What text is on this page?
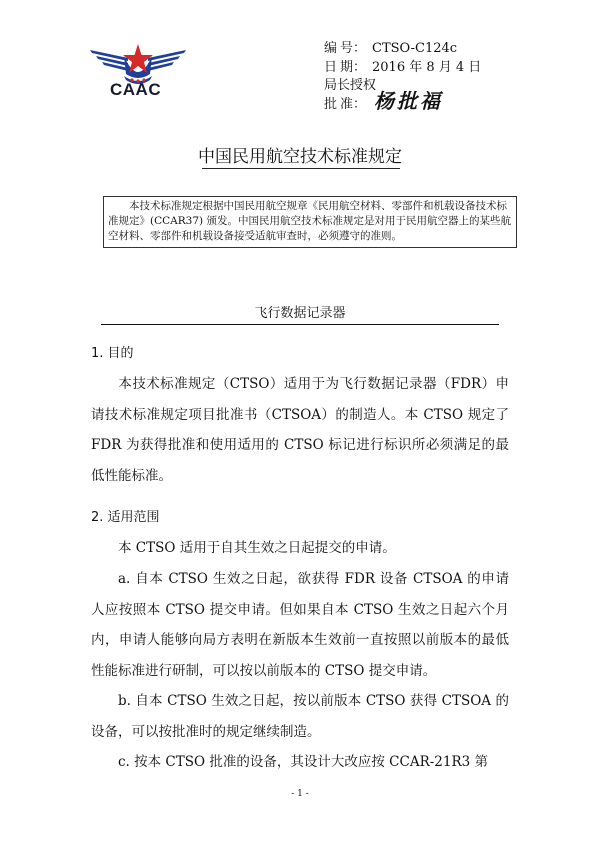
CAAC
编 号： CTSO-C124c
日 期： 2016 年 8 月 4 日
局长授权
批 准： 杨 批 福
中国民用航空技术标准规定
本技术标准规定根据中国民用航空规章《民用航空材料、零部件和机载设备技术标准规定》(CCAR37) 颁发。中国民用航空技术标准规定是对用于民用航空器上的某些航空材料、零部件和机载设备接受适航审查时，必须遵守的准则。
飞行数据记录器
1. 目的
本技术标准规定（CTSO）适用于为飞行数据记录器（FDR）申请技术标准规定项目批准书（CTSOA）的制造人。本 CTSO 规定了 FDR 为获得批准和使用适用的 CTSO 标记进行标识所必须满足的最低性能标准。
2. 适用范围
本 CTSO 适用于自其生效之日起提交的申请。
a. 自本 CTSO 生效之日起，欲获得 FDR 设备 CTSOA 的申请人应按照本 CTSO 提交申请。但如果自本 CTSO 生效之日起六个月内，申请人能够向局方表明在新版本生效前一直按照以前版本的最低性能标准进行研制，可以按以前版本的 CTSO 提交申请。
b. 自本 CTSO 生效之日起，按以前版本 CTSO 获得 CTSOA 的设备，可以按批准时的规定继续制造。
c. 按本 CTSO 批准的设备，其设计大改应按 CCAR-21R3 第
- 1 -
